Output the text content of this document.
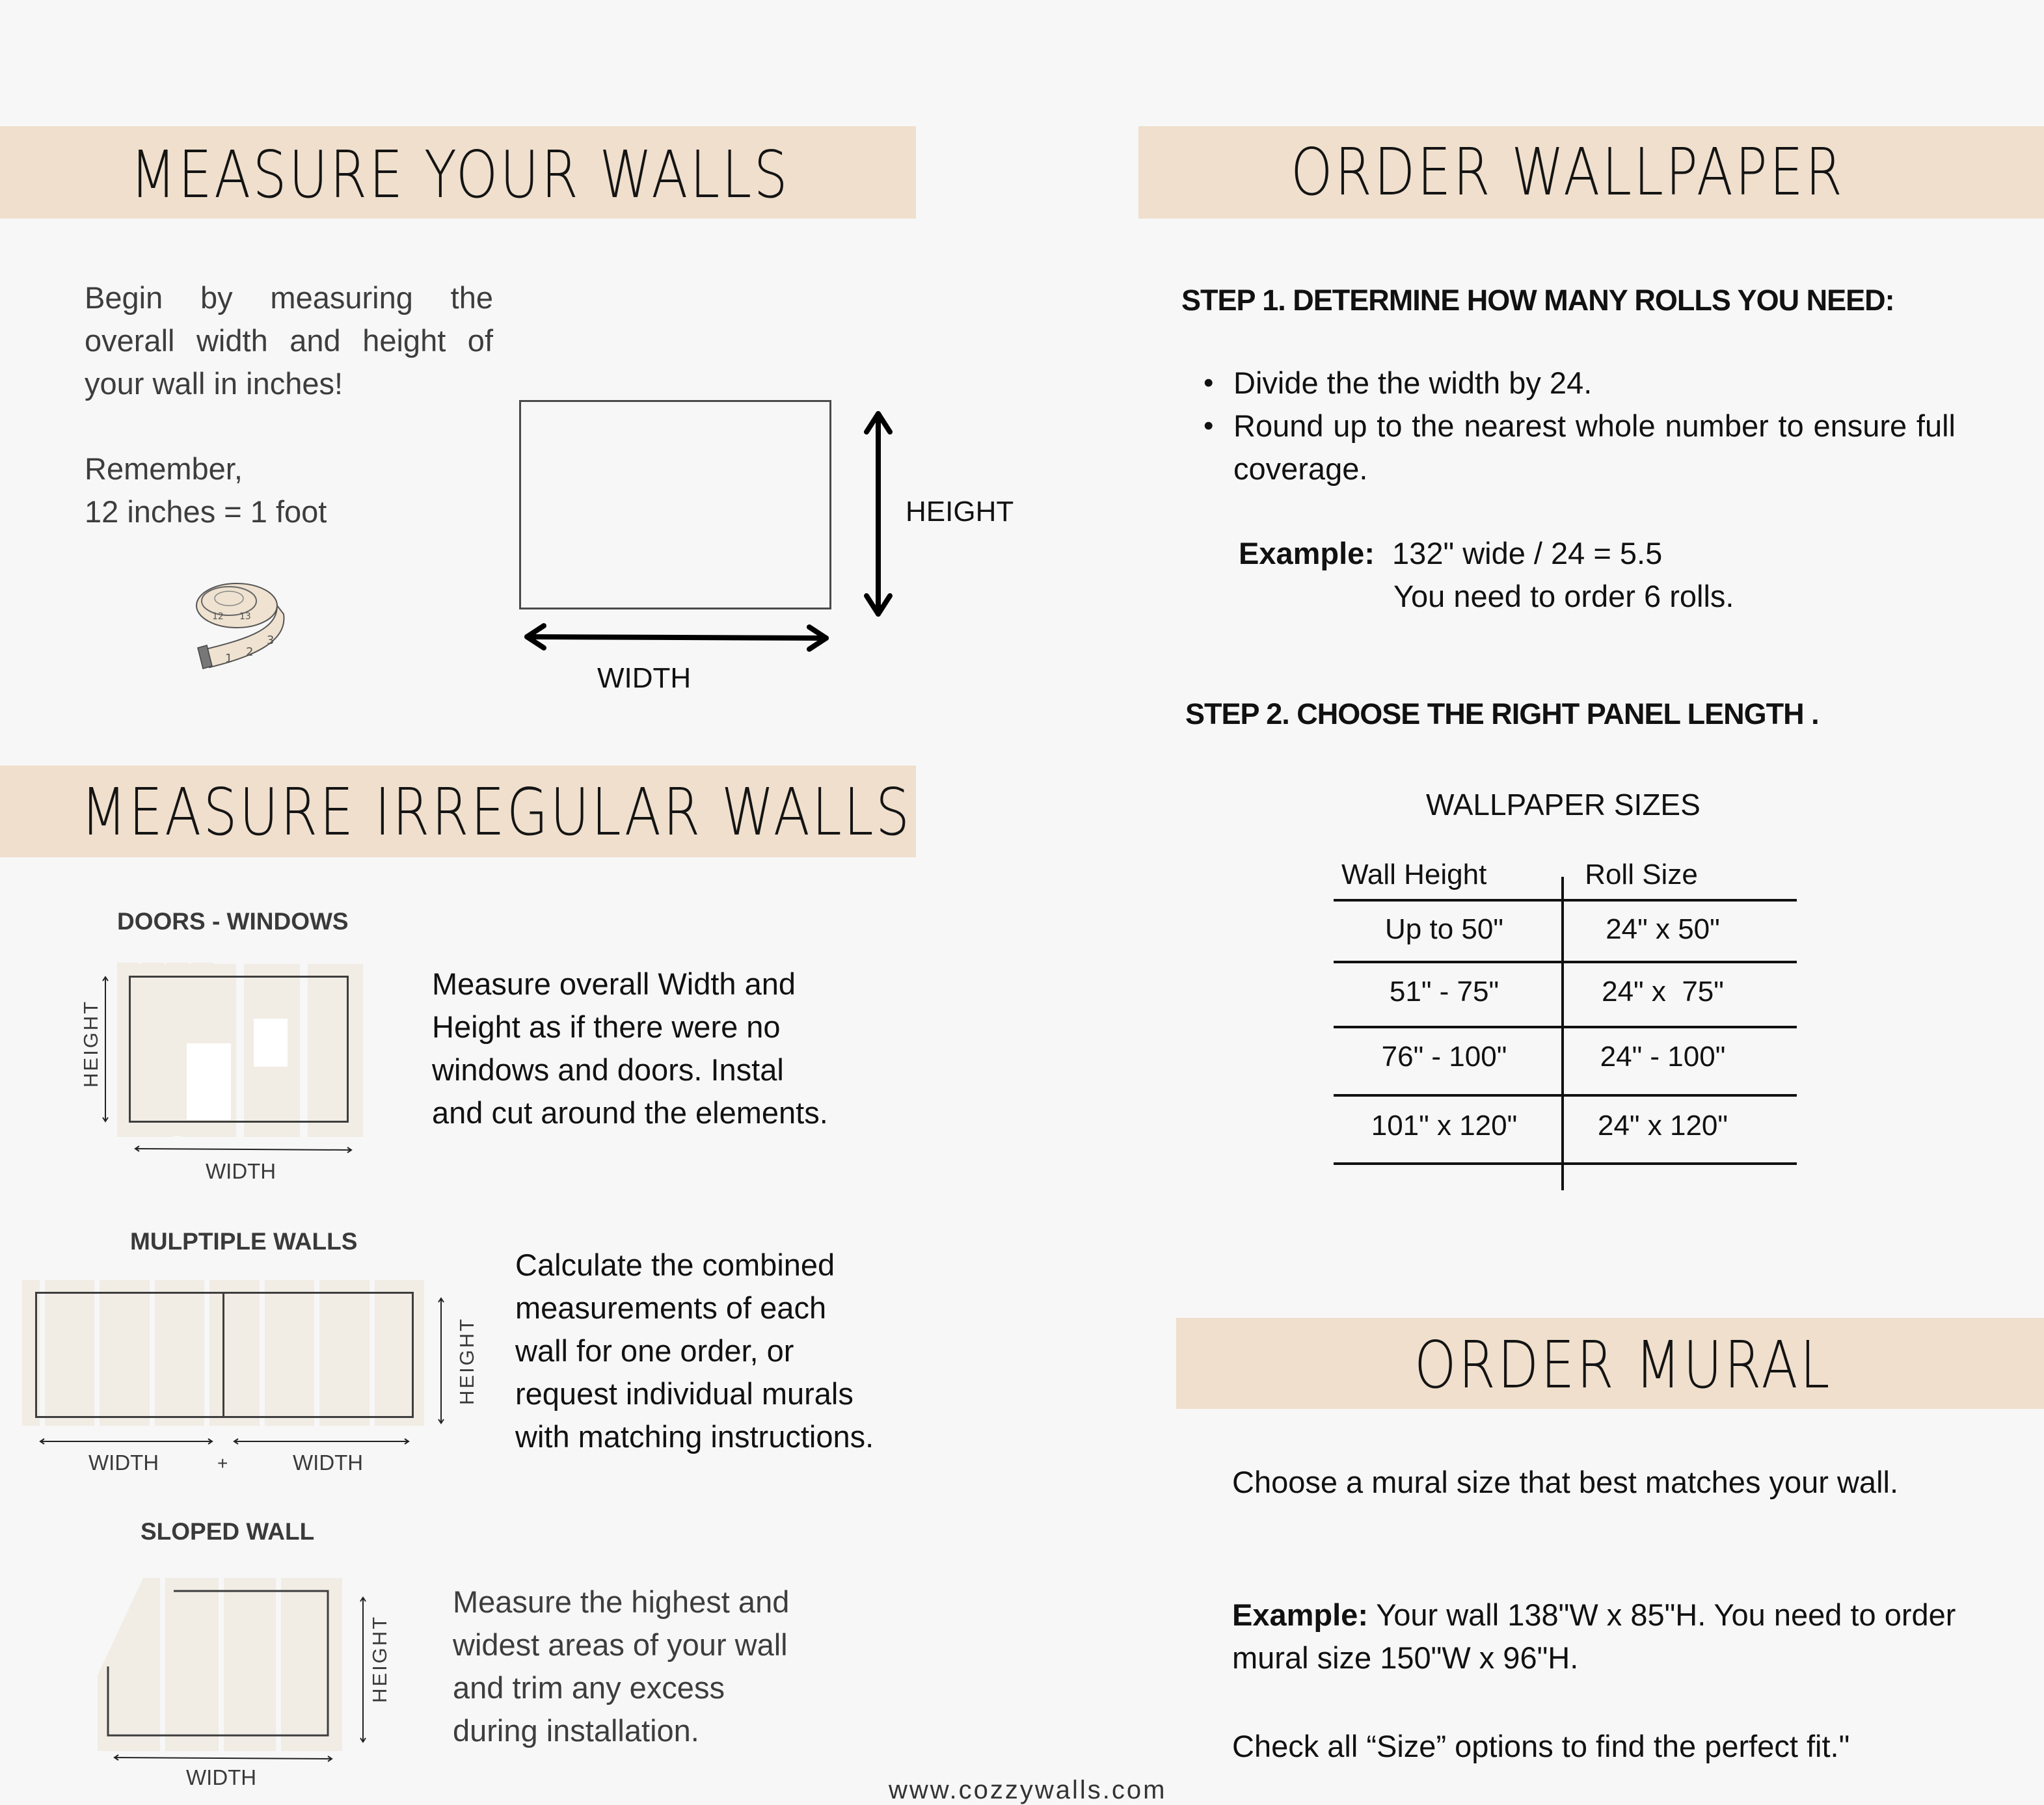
MEASURE YOUR WALLS
Begin by measuring the overall width and height of your wall in inches!
Remember,
12 inches = 1 foot
1 2
3
12 13
HEIGHT
WIDTH
MEASURE IRREGULAR WALLS
DOORS - WINDOWS
HEIGHT
WIDTH
Measure overall Width and
Height as if there were no
windows and doors. Instal
and cut around the elements.
MULPTIPLE WALLS
HEIGHT
WIDTH	+	WIDTH
Calculate the combined
measurements of each
wall for one order, or
request individual murals
with matching instructions.
SLOPED WALL
HEIGHT
WIDTH
Measure the highest and
widest areas of your wall
and trim any excess
during installation.
www.cozzywalls.com
ORDER WALLPAPER
STEP 1. DETERMINE HOW MANY ROLLS YOU NEED:
• Divide the the width by 24.
• Round up to the nearest whole number to ensure full coverage.
Example: 132" wide / 24 = 5.5
You need to order 6 rolls.
STEP 2. CHOOSE THE RIGHT PANEL LENGTH .
WALLPAPER SIZES
Wall Height	Roll Size
Up to 50"	24" x 50"
51" - 75"	24" x  75"
76" - 100"	24" - 100"
101" x 120"	24" x 120"
ORDER MURAL
Choose a mural size that best matches your wall.
Example: Your wall 138"W x 85"H. You need to order mural size 150"W x 96"H.
Check all “Size” options to find the perfect fit."
